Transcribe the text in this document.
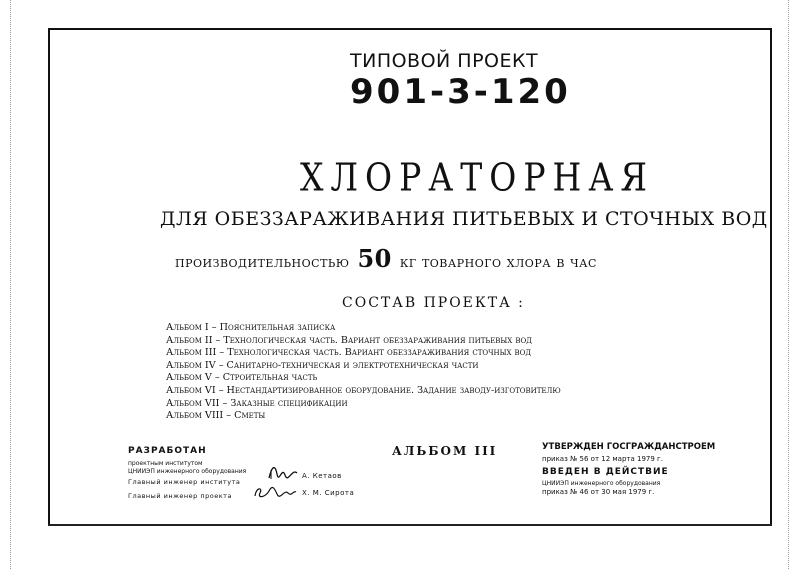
ТИПОВОЙ ПРОЕКТ
901-3-120
ХЛОРАТОРНАЯ
ДЛЯ ОБЕЗЗАРАЖИВАНИЯ ПИТЬЕВЫХ И СТОЧНЫХ ВОД
производительностью 50 кг товарного хлора в час
СОСТАВ ПРОЕКТА :
Альбом I – Пояснительная записка
Альбом II – Технологическая часть. Вариант обеззараживания питьевых вод
Альбом III – Технологическая часть. Вариант обеззараживания сточных вод
Альбом IV – Санитарно-техническая и электротехническая части
Альбом V – Строительная часть
Альбом VI – Нестандартизированное оборудование. Задание заводу-изготовителю
Альбом VII – Заказные спецификации
Альбом VIII – Сметы
РАЗРАБОТАН
проектным институтом
ЦНИИЭП инженерного оборудования
Главный инженер института
А. Кетаов
Главный инженер проекта	Х. М. Сирота
АЛЬБОМ III	УТВЕРЖДЕН ГОСГРАЖДАНСТРОЕМ

приказ № 56 от 12 марта 1979 г.

ВВЕДЕН В ДЕЙСТВИЕ

ЦНИИЭП инженерного оборудования

приказ № 46 от 30 мая 1979 г.
